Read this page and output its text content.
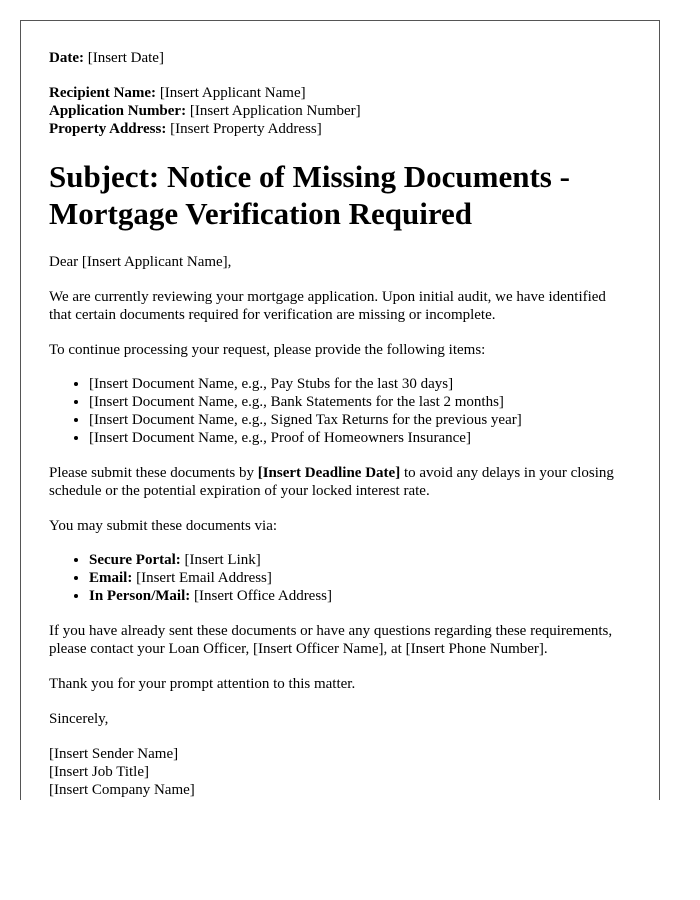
Date: [Insert Date]

Recipient Name: [Insert Applicant Name]

Application Number: [Insert Application Number]

Property Address: [Insert Property Address]

Subject: Notice of Missing Documents - Mortgage Verification Required

Dear [Insert Applicant Name],

We are currently reviewing your mortgage application. Upon initial audit, we have identified that certain documents required for verification are missing or incomplete.

To continue processing your request, please provide the following items:

• [Insert Document Name, e.g., Pay Stubs for the last 30 days]
• [Insert Document Name, e.g., Bank Statements for the last 2 months]
• [Insert Document Name, e.g., Signed Tax Returns for the previous year]
• [Insert Document Name, e.g., Proof of Homeowners Insurance]

Please submit these documents by [Insert Deadline Date] to avoid any delays in your closing schedule or the potential expiration of your locked interest rate.

You may submit these documents via:

• Secure Portal: [Insert Link]
• Email: [Insert Email Address]
• In Person/Mail: [Insert Office Address]

If you have already sent these documents or have any questions regarding these requirements, please contact your Loan Officer, [Insert Officer Name], at [Insert Phone Number].

Thank you for your prompt attention to this matter.

Sincerely,

[Insert Sender Name]

[Insert Job Title]

[Insert Company Name]
